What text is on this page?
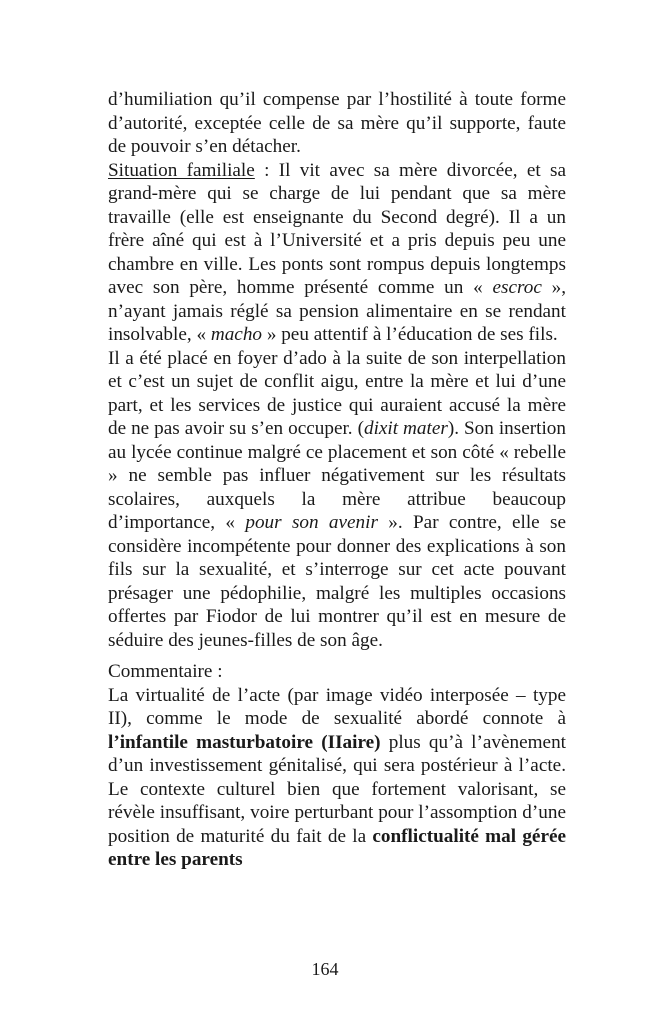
d’humiliation qu’il compense par l’hostilité à toute forme d’autorité, exceptée celle de sa mère qu’il supporte, faute de pouvoir s’en détacher.

Situation familiale : Il vit avec sa mère divorcée, et sa grand-mère qui se charge de lui pendant que sa mère travaille (elle est enseignante du Second degré). Il a un frère aîné qui est à l’Université et a pris depuis peu une chambre en ville. Les ponts sont rompus depuis longtemps avec son père, homme présenté comme un « escroc », n’ayant jamais réglé sa pension alimentaire en se rendant insolvable, « macho » peu attentif à l’éducation de ses fils.

Il a été placé en foyer d’ado à la suite de son interpellation et c’est un sujet de conflit aigu, entre la mère et lui d’une part, et les services de justice qui auraient accusé la mère de ne pas avoir su s’en occuper. (dixit mater). Son insertion au lycée continue malgré ce placement et son côté « rebelle » ne semble pas influer négativement sur les résultats scolaires, auxquels la mère attribue beaucoup d’importance, « pour son avenir ». Par contre, elle se considère incompétente pour donner des explications à son fils sur la sexualité, et s’interroge sur cet acte pouvant présager une pédophilie, malgré les multiples occasions offertes par Fiodor de lui montrer qu’il est en mesure de séduire des jeunes-filles de son âge.

Commentaire :

La virtualité de l’acte (par image vidéo interposée – type II), comme le mode de sexualité abordé connote à l’infantile masturbatoire (IIaire) plus qu’à l’avènement d’un investissement génitalisé, qui sera postérieur à l’acte. Le contexte culturel bien que fortement valorisant, se révèle insuffisant, voire perturbant pour l’assomption d’une position de maturité du fait de la conflictualité mal gérée entre les parents

164
